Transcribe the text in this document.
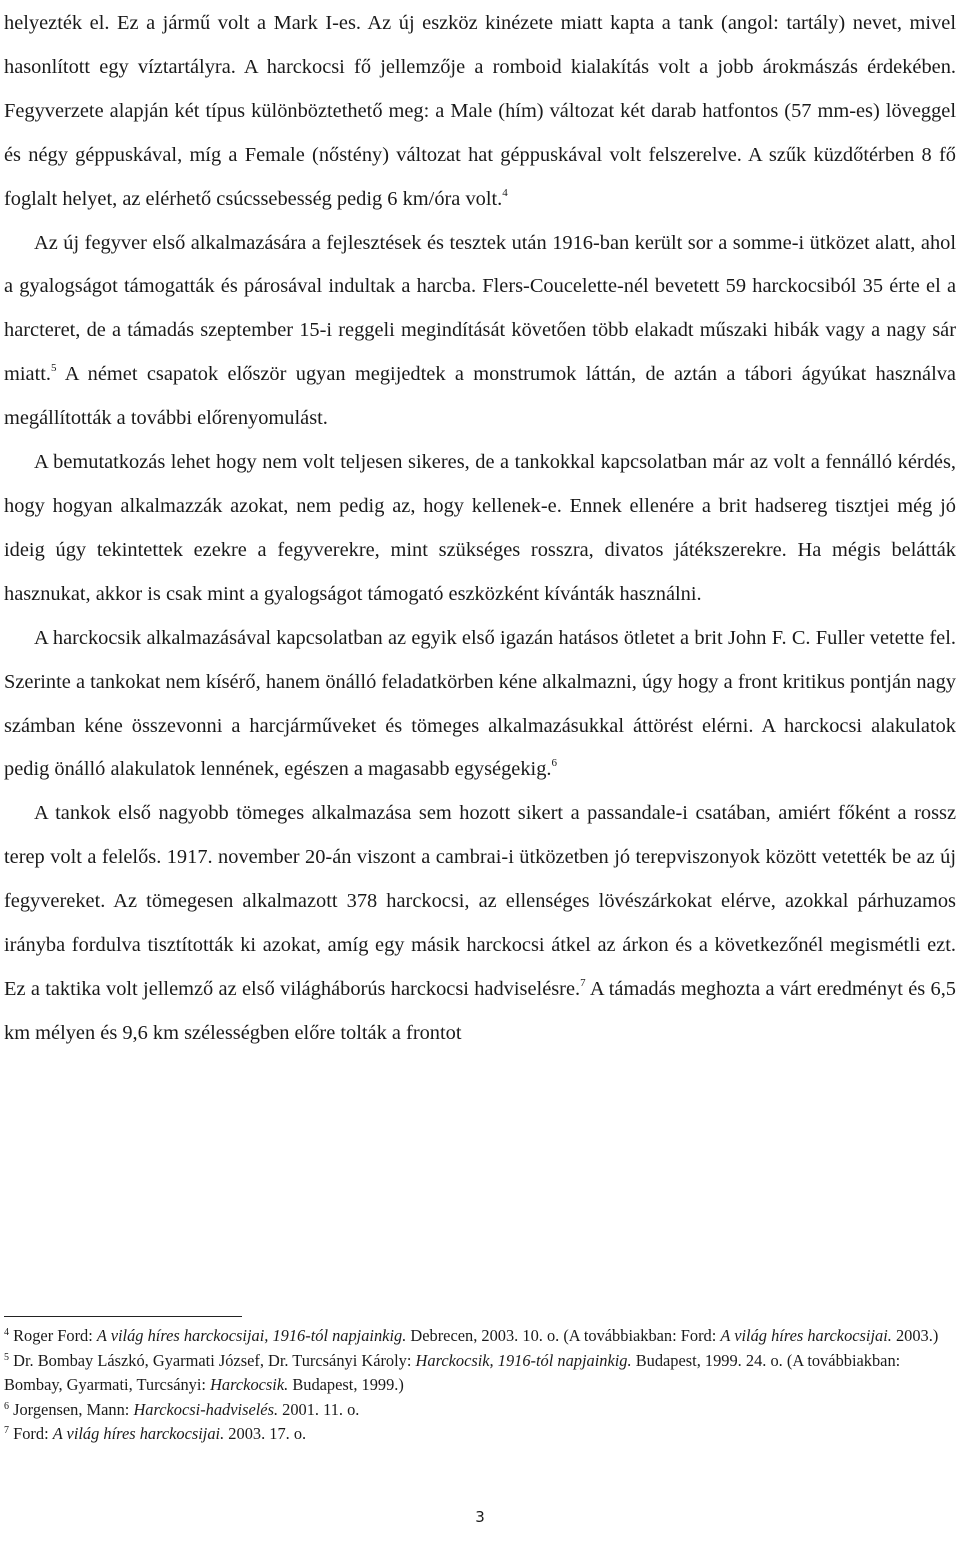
helyezték el. Ez a jármű volt a Mark I-es. Az új eszköz kinézete miatt kapta a tank (angol: tartály) nevet, mivel hasonlított egy víztartályra. A harckocsi fő jellemzője a romboid kialakítás volt a jobb árokmászás érdekében. Fegyverzete alapján két típus különböztethető meg: a Male (hím) változat két darab hatfontos (57 mm-es) löveggel és négy géppuskával, míg a Female (nőstény) változat hat géppuskával volt felszerelve. A szűk küzdőtérben 8 fő foglalt helyet, az elérhető csúcssebesség pedig 6 km/óra volt.$^4$

Az új fegyver első alkalmazására a fejlesztések és tesztek után 1916-ban került sor a somme-i ütközet alatt, ahol a gyalogságot támogatták és párosával indultak a harcba. Flers-Coucelette-nél bevetett 59 harckocsiból 35 érte el a harcteret, de a támadás szeptember 15-i reggeli megindítását követően több elakadt műszaki hibák vagy a nagy sár miatt.$^5$ A német csapatok először ugyan megijedtek a monstrumok láttán, de aztán a tábori ágyúkat használva megállították a további előrenyomulást.

A bemutatkozás lehet hogy nem volt teljesen sikeres, de a tankokkal kapcsolatban már az volt a fennálló kérdés, hogy hogyan alkalmazzák azokat, nem pedig az, hogy kellenek-e. Ennek ellenére a brit hadsereg tisztjei még jó ideig úgy tekintettek ezekre a fegyverekre, mint szükséges rosszra, divatos játékszerekre. Ha mégis belátták hasznukat, akkor is csak mint a gyalogságot támogató eszközként kívánták használni.

A harckocsik alkalmazásával kapcsolatban az egyik első igazán hatásos ötletet a brit John F. C. Fuller vetette fel. Szerinte a tankokat nem kísérő, hanem önálló feladatkörben kéne alkalmazni, úgy hogy a front kritikus pontján nagy számban kéne összevonni a harcjárműveket és tömeges alkalmazásukkal áttörést elérni. A harckocsi alakulatok pedig önálló alakulatok lennének, egészen a magasabb egységekig.$^6$

A tankok első nagyobb tömeges alkalmazása sem hozott sikert a passandale-i csatában, amiért főként a rossz terep volt a felelős. 1917. november 20-án viszont a cambrai-i ütközetben jó terepviszonyok között vetették be az új fegyvereket. Az tömegesen alkalmazott 378 harckocsi, az ellenséges lövészárkokat elérve, azokkal párhuzamos irányba fordulva tisztították ki azokat, amíg egy másik harckocsi átkel az árkon és a következőnél megismétli ezt. Ez a taktika volt jellemző az első világháborús harckocsi hadviselésre.$^7$ A támadás meghozta a várt eredményt és 6,5 km mélyen és 9,6 km szélességben előre tolták a frontot

$^4$ Roger Ford: A világ híres harckocsijai, 1916-tól napjainkig. Debrecen, 2003. 10. o. (A továbbiakban: Ford: A világ híres harckocsijai. 2003.)

$^5$ Dr. Bombay Lászkó, Gyarmati József, Dr. Turcsányi Károly: Harckocsik, 1916-tól napjainkig. Budapest, 1999. 24. o. (A továbbiakban: Bombay, Gyarmati, Turcsányi: Harckocsik. Budapest, 1999.)

$^6$ Jorgensen, Mann: Harckocsi-hadviselés. 2001. 11. o.

$^7$ Ford: A világ híres harckocsijai. 2003. 17. o.

3
